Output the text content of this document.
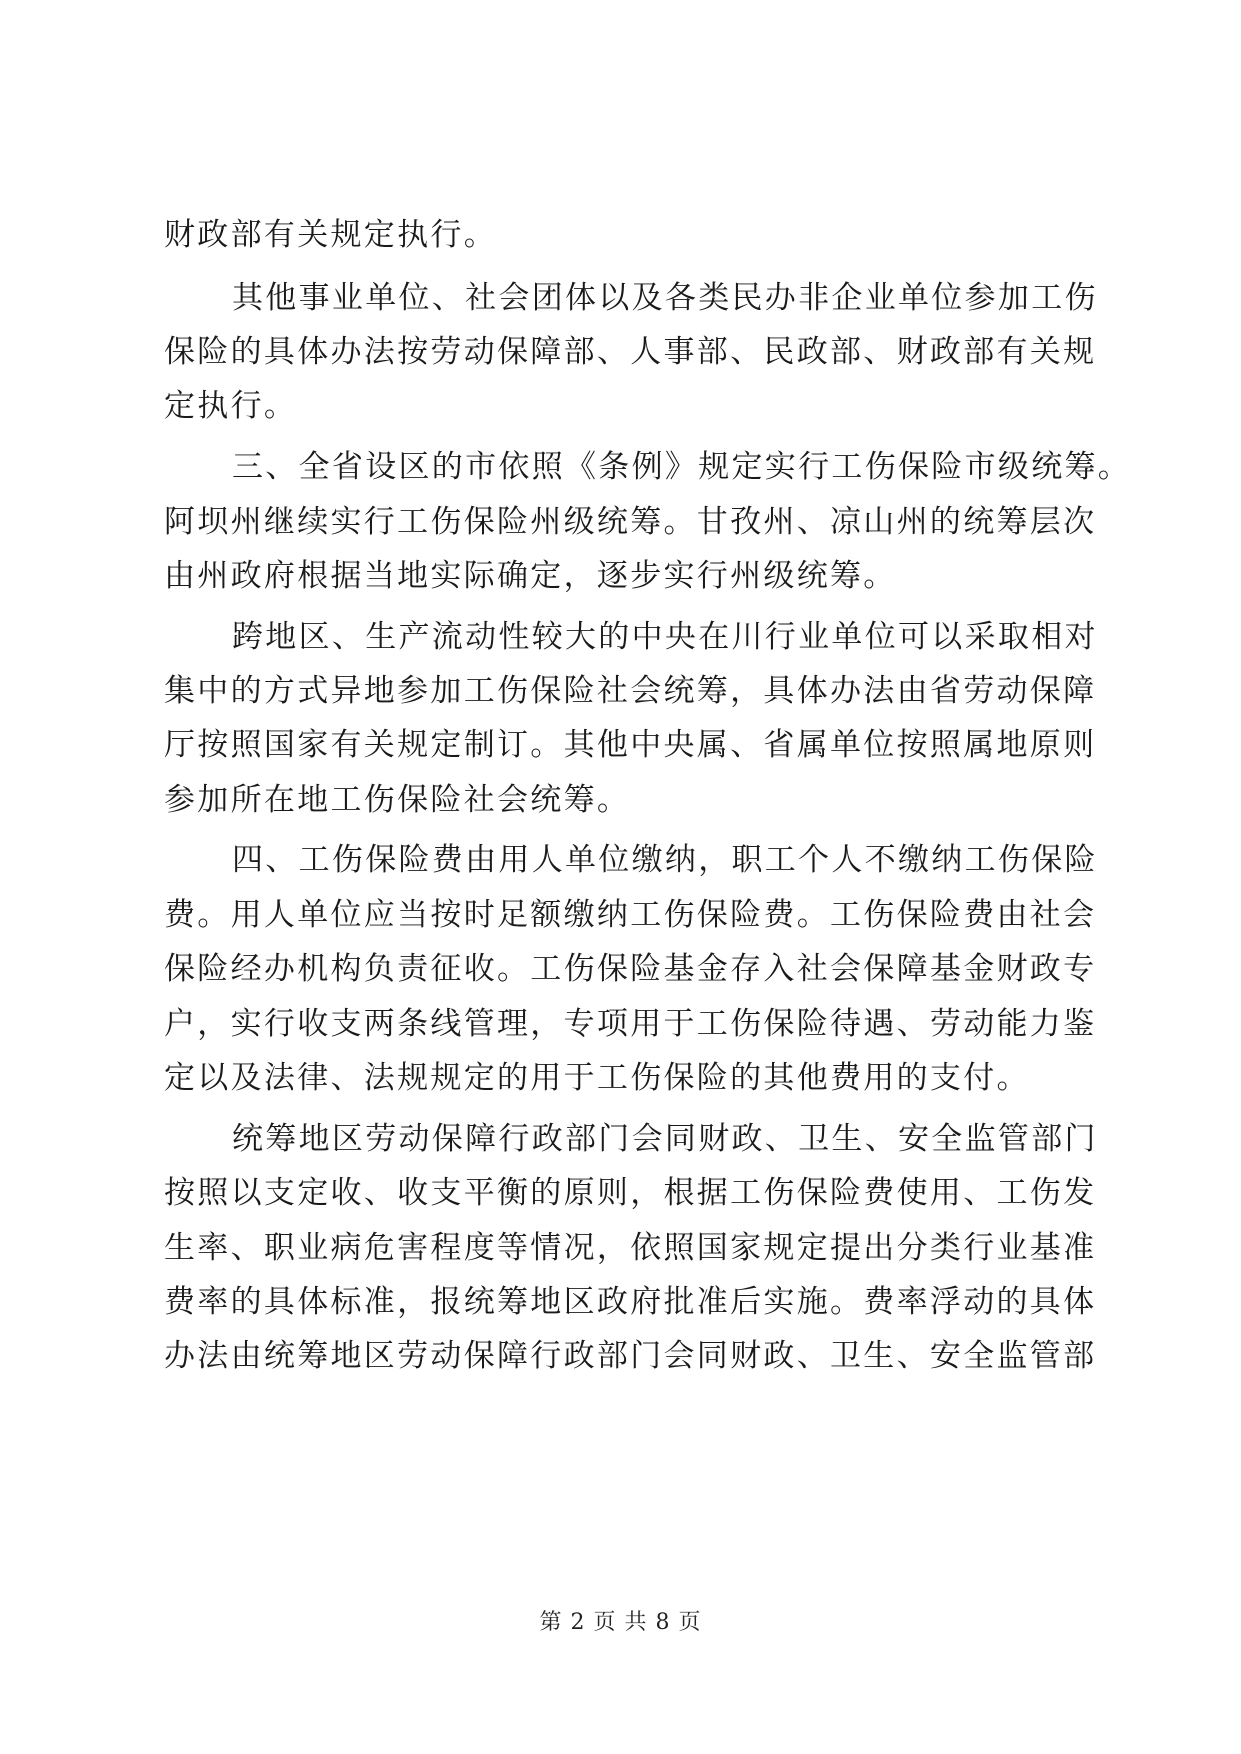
财政部有关规定执行。
其他事业单位、社会团体以及各类民办非企业单位参加工伤
保险的具体办法按劳动保障部、人事部、民政部、财政部有关规
定执行。
三、全省设区的市依照《条例》规定实行工伤保险市级统筹。
阿坝州继续实行工伤保险州级统筹。甘孜州、凉山州的统筹层次
由州政府根据当地实际确定，逐步实行州级统筹。
跨地区、生产流动性较大的中央在川行业单位可以采取相对
集中的方式异地参加工伤保险社会统筹，具体办法由省劳动保障
厅按照国家有关规定制订。其他中央属、省属单位按照属地原则
参加所在地工伤保险社会统筹。
四、工伤保险费由用人单位缴纳，职工个人不缴纳工伤保险
费。用人单位应当按时足额缴纳工伤保险费。工伤保险费由社会
保险经办机构负责征收。工伤保险基金存入社会保障基金财政专
户，实行收支两条线管理，专项用于工伤保险待遇、劳动能力鉴
定以及法律、法规规定的用于工伤保险的其他费用的支付。
统筹地区劳动保障行政部门会同财政、卫生、安全监管部门
按照以支定收、收支平衡的原则，根据工伤保险费使用、工伤发
生率、职业病危害程度等情况，依照国家规定提出分类行业基准
费率的具体标准，报统筹地区政府批准后实施。费率浮动的具体
办法由统筹地区劳动保障行政部门会同财政、卫生、安全监管部
第 2 页 共 8 页
